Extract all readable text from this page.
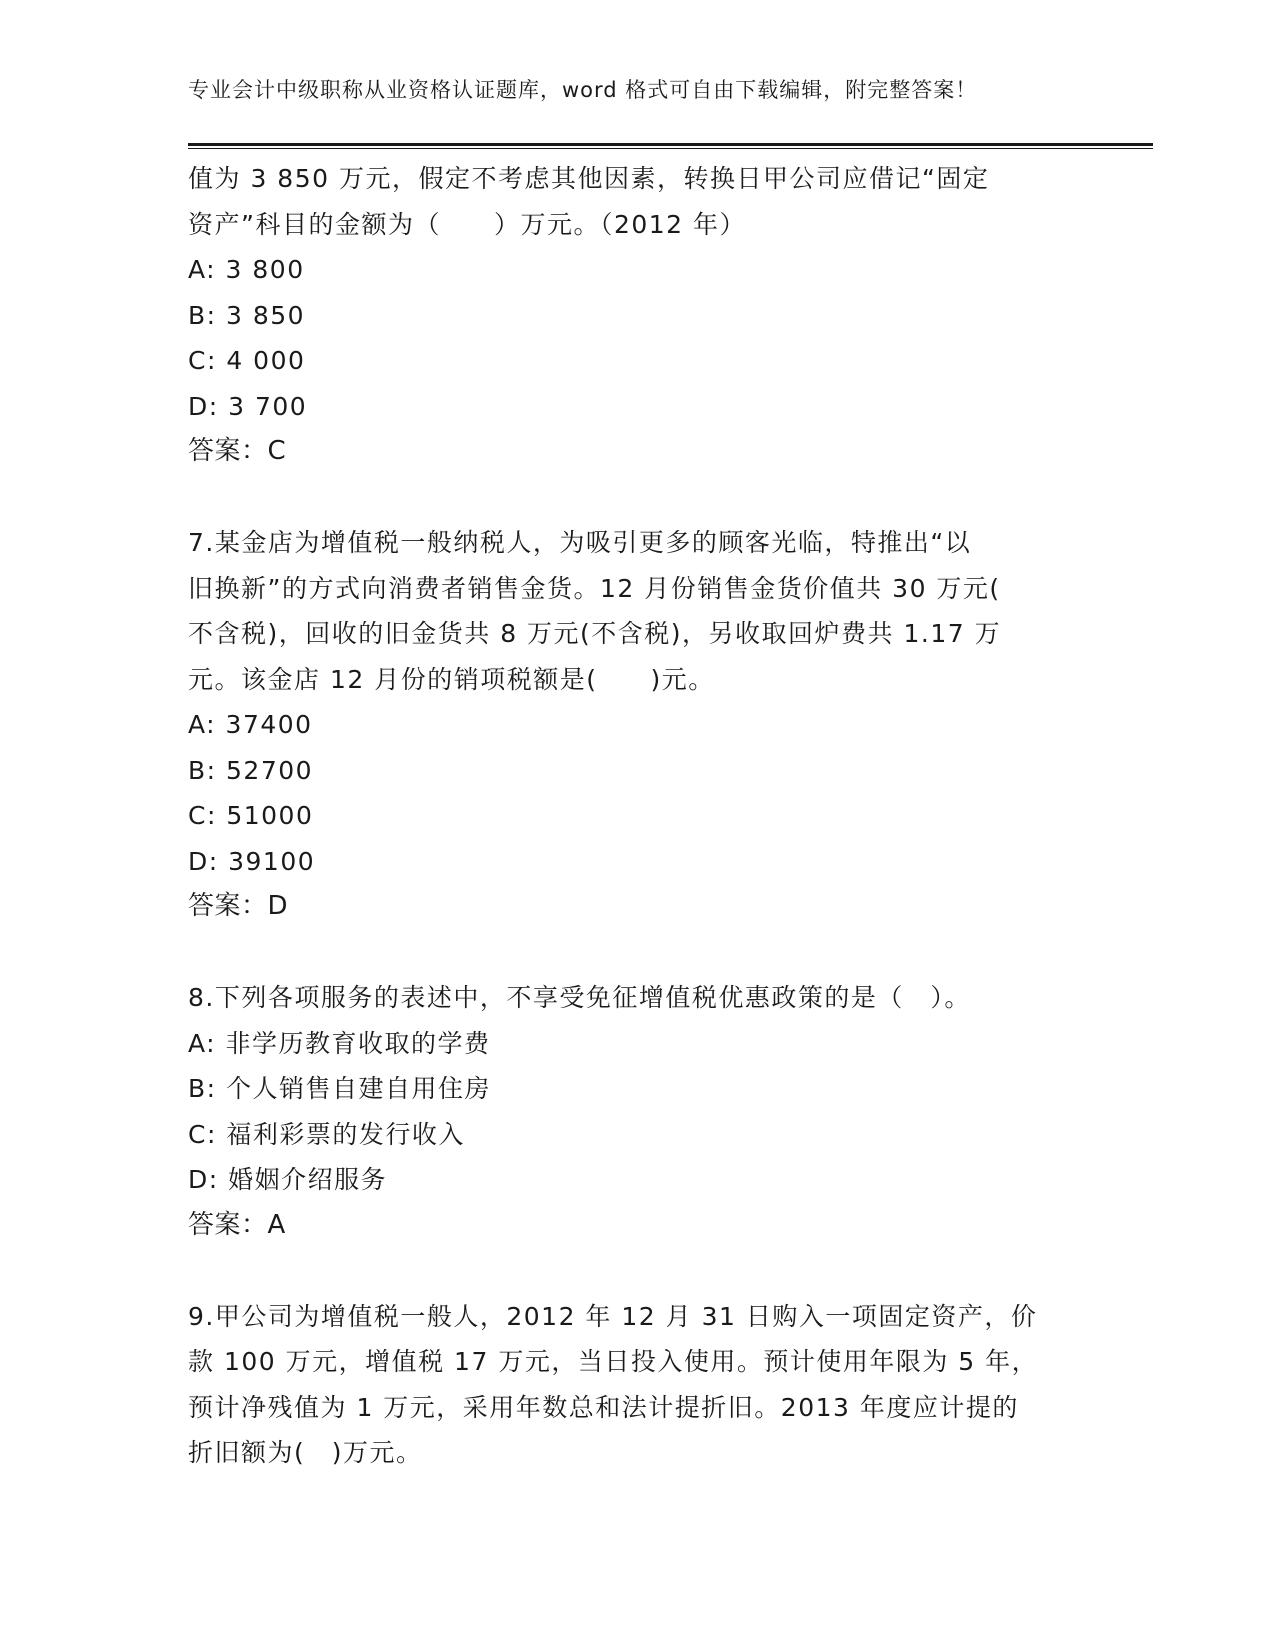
专业会计中级职称从业资格认证题库，word 格式可自由下载编辑，附完整答案！
值为 3 850 万元，假定不考虑其他因素，转换日甲公司应借记“固定
资产”科目的金额为（　　）万元。（2012 年）
A: 3 800
B: 3 850
C: 4 000
D: 3 700
答案：C
7.某金店为增值税一般纳税人，为吸引更多的顾客光临，特推出“以
旧换新”的方式向消费者销售金货。12 月份销售金货价值共 30 万元(
不含税)，回收的旧金货共 8 万元(不含税)，另收取回炉费共 1.17 万
元。该金店 12 月份的销项税额是(　　)元。
A: 37400
B: 52700
C: 51000
D: 39100
答案：D
8.下列各项服务的表述中，不享受免征增值税优惠政策的是（　）。
A: 非学历教育收取的学费
B: 个人销售自建自用住房
C: 福利彩票的发行收入
D: 婚姻介绍服务
答案：A
9.甲公司为增值税一般人，2012 年 12 月 31 日购入一项固定资产，价
款 100 万元，增值税 17 万元，当日投入使用。预计使用年限为 5 年，
预计净残值为 1 万元，采用年数总和法计提折旧。2013 年度应计提的
折旧额为(　)万元。
